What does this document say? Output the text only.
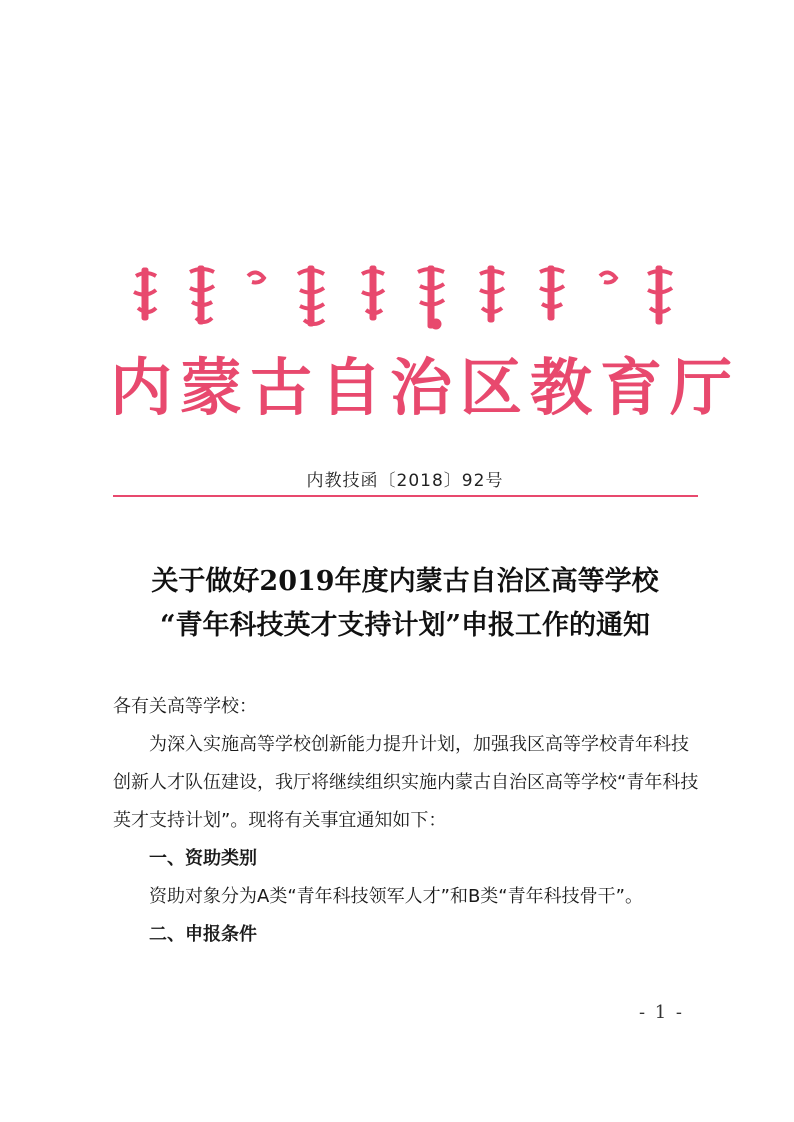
内蒙古自治区教育厅
内教技函〔2018〕92号
关于做好2019年度内蒙古自治区高等学校
“青年科技英才支持计划”申报工作的通知

各有关高等学校：

为深入实施高等学校创新能力提升计划，加强我区高等学校青年科技创新人才队伍建设，我厅将继续组织实施内蒙古自治区高等学校“青年科技英才支持计划”。现将有关事宜通知如下：

一、资助类别

资助对象分为A类“青年科技领军人才”和B类“青年科技骨干”。

二、申报条件

- 1 -
